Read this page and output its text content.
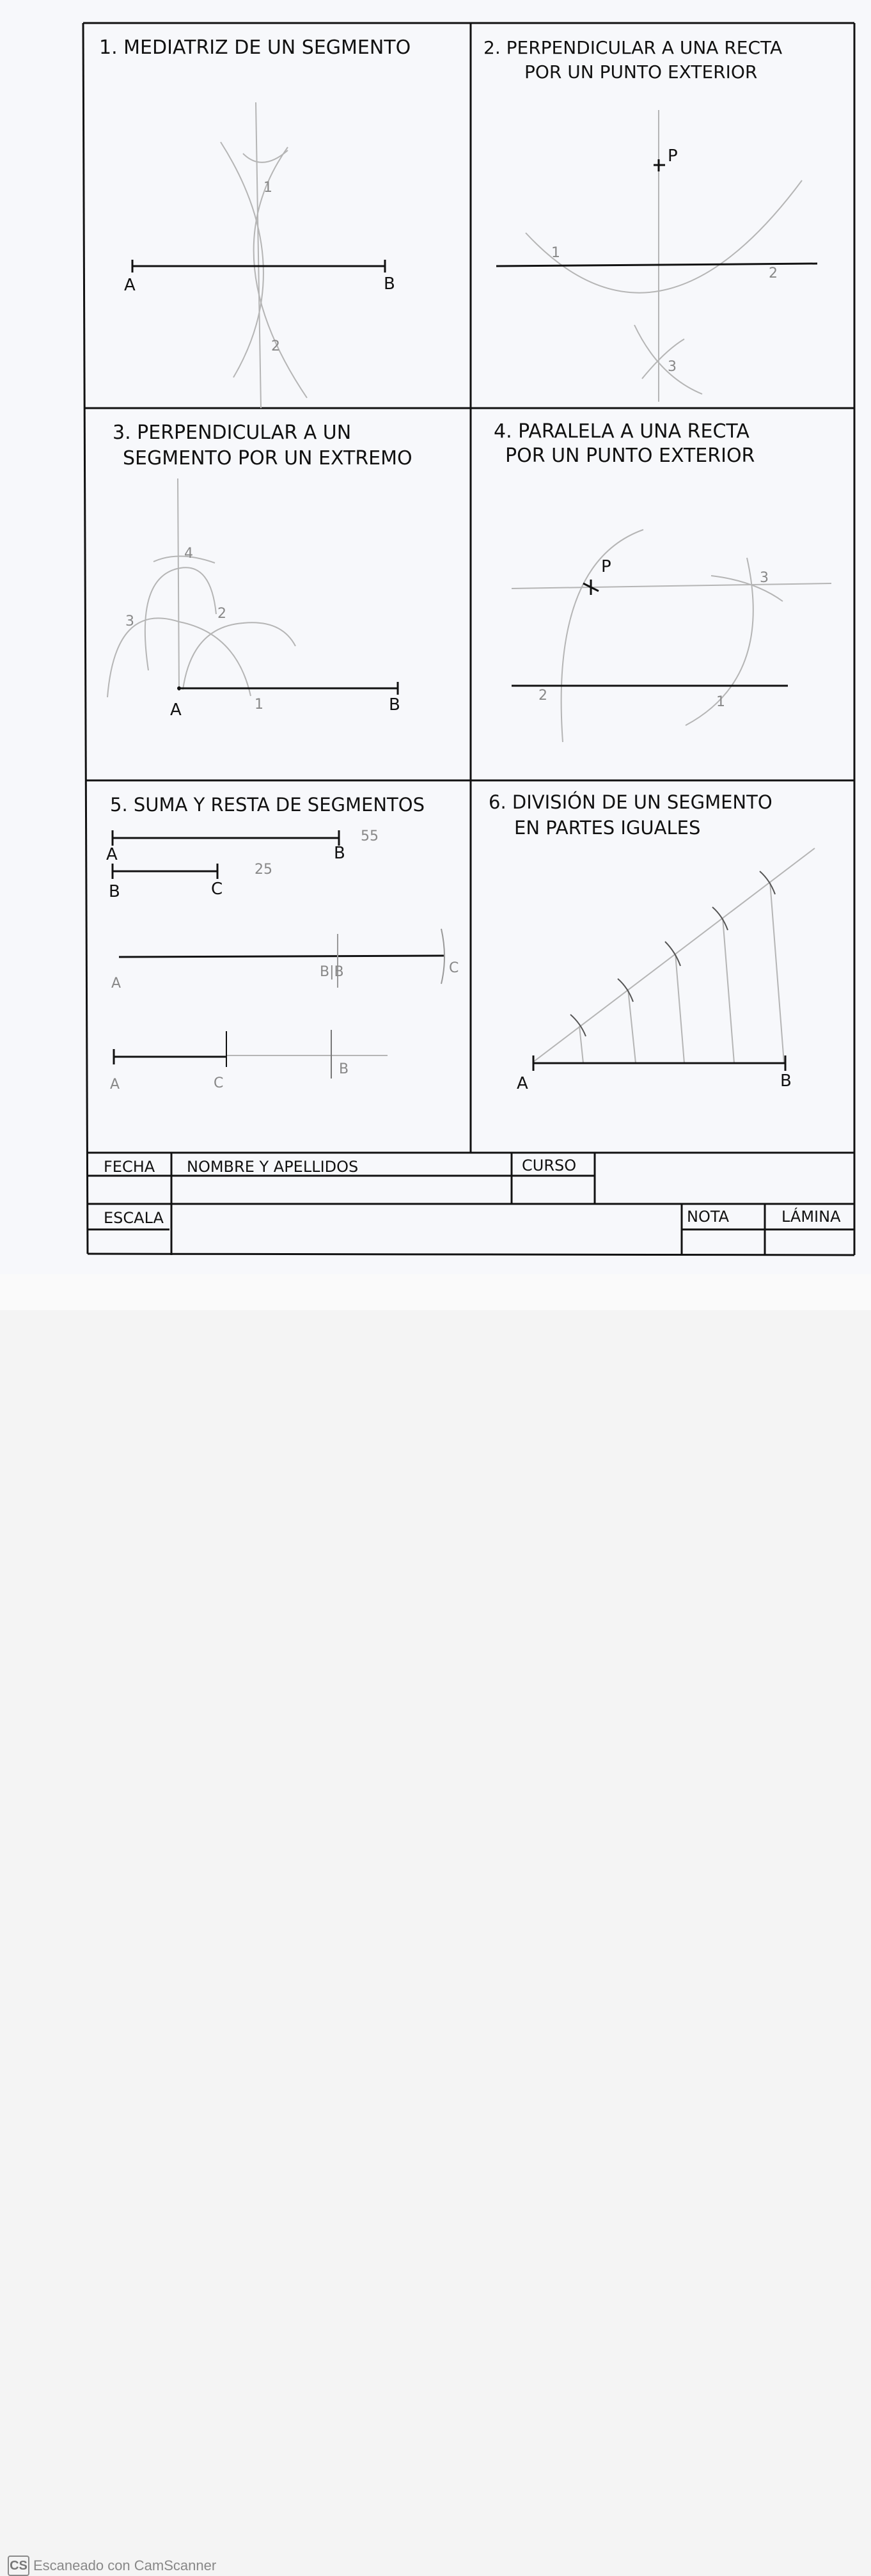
1. MEDIATRIZ DE UN SEGMENTO	2. PERPENDICULAR A UNA RECTA
POR UN PUNTO EXTERIOR
3. PERPENDICULAR A UN
SEGMENTO POR UN EXTREMO
4. PARALELA A UNA RECTA
POR UN PUNTO EXTERIOR
5. SUMA Y RESTA DE SEGMENTOS	6. DIVISIÓN DE UN SEGMENTO
EN PARTES IGUALES
A	B
1
2
P
1
2
3
A	B
1
2
3
4
P
2	1
3
A	B
55
B	C
25
A
B|B	C
A	C
B
A	B
FECHA NOMBRE Y APELLIDOS	CURSO
ESCALA	NOTA	LÁMINA
CS Escaneado con CamScanner
